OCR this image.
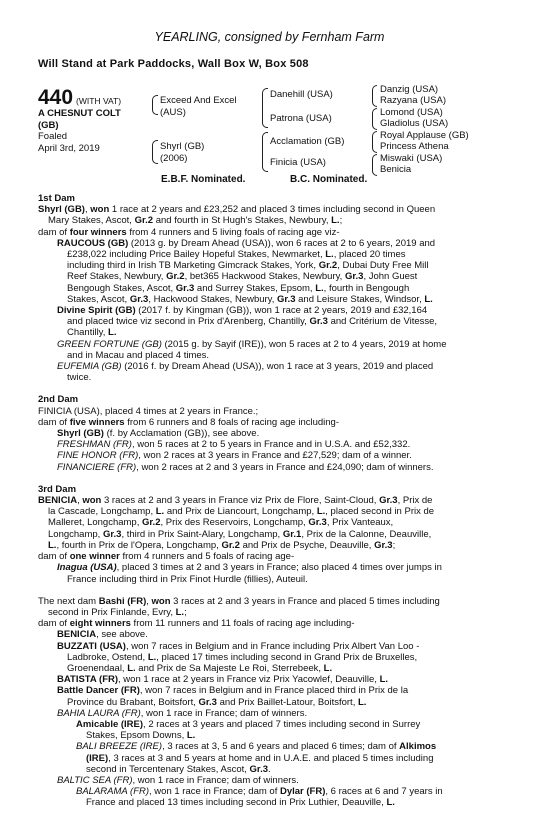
YEARLING, consigned by Fernham Farm
Will Stand at Park Paddocks, Wall Box W, Box 508
440 (WITH VAT)
A CHESNUT COLT
(GB)
Foaled
April 3rd, 2019
Exceed And Excel
(AUS)
Shyrl (GB)
(2006)
Danehill (USA)
Patrona (USA)
Acclamation (GB)
Finicia (USA)
Danzig (USA)
Razyana (USA)
Lomond (USA)
Gladiolus (USA)
Royal Applause (GB)
Princess Athena
Miswaki (USA)
Benicia
E.B.F. Nominated.	B.C. Nominated.

1st Dam

Shyrl (GB), won 1 race at 2 years and £23,252 and placed 3 times including second in Queen
Mary Stakes, Ascot, Gr.2 and fourth in St Hugh's Stakes, Newbury, L.;

dam of four winners from 4 runners and 5 living foals of racing age viz-

RAUCOUS (GB) (2013 g. by Dream Ahead (USA)), won 6 races at 2 to 6 years, 2019 and
£238,022 including Price Bailey Hopeful Stakes, Newmarket, L., placed 20 times
including third in Irish TB Marketing Gimcrack Stakes, York, Gr.2, Dubai Duty Free Mill
Reef Stakes, Newbury, Gr.2, bet365 Hackwood Stakes, Newbury, Gr.3, John Guest
Bengough Stakes, Ascot, Gr.3 and Surrey Stakes, Epsom, L., fourth in Bengough
Stakes, Ascot, Gr.3, Hackwood Stakes, Newbury, Gr.3 and Leisure Stakes, Windsor, L.

Divine Spirit (GB) (2017 f. by Kingman (GB)), won 1 race at 2 years, 2019 and £32,164
and placed twice viz second in Prix d'Arenberg, Chantilly, Gr.3 and Critérium de Vitesse,
Chantilly, L.

GREEN FORTUNE (GB) (2015 g. by Sayif (IRE)), won 5 races at 2 to 4 years, 2019 at home
and in Macau and placed 4 times.

EUFEMIA (GB) (2016 f. by Dream Ahead (USA)), won 1 race at 3 years, 2019 and placed
twice.

2nd Dam

FINICIA (USA), placed 4 times at 2 years in France.;

dam of five winners from 6 runners and 8 foals of racing age including-

Shyrl (GB) (f. by Acclamation (GB)), see above.

FRESHMAN (FR), won 5 races at 2 to 5 years in France and in U.S.A. and £52,332.

FINE HONOR (FR), won 2 races at 3 years in France and £27,529; dam of a winner.

FINANCIERE (FR), won 2 races at 2 and 3 years in France and £24,090; dam of winners.

3rd Dam

BENICIA, won 3 races at 2 and 3 years in France viz Prix de Flore, Saint-Cloud, Gr.3, Prix de
la Cascade, Longchamp, L. and Prix de Liancourt, Longchamp, L., placed second in Prix de
Malleret, Longchamp, Gr.2, Prix des Reservoirs, Longchamp, Gr.3, Prix Vanteaux,
Longchamp, Gr.3, third in Prix Saint-Alary, Longchamp, Gr.1, Prix de la Calonne, Deauville,
L., fourth in Prix de l'Opera, Longchamp, Gr.2 and Prix de Psyche, Deauville, Gr.3;

dam of one winner from 4 runners and 5 foals of racing age-

Inagua (USA), placed 3 times at 2 and 3 years in France; also placed 4 times over jumps in
France including third in Prix Finot Hurdle (fillies), Auteuil.

The next dam Bashi (FR), won 3 races at 2 and 3 years in France and placed 5 times including
second in Prix Finlande, Evry, L.;

dam of eight winners from 11 runners and 11 foals of racing age including-

BENICIA, see above.

BUZZATI (USA), won 7 races in Belgium and in France including Prix Albert Van Loo -
Ladbroke, Ostend, L., placed 17 times including second in Grand Prix de Bruxelles,
Groenendaal, L. and Prix de Sa Majeste Le Roi, Sterrebeek, L.

BATISTA (FR), won 1 race at 2 years in France viz Prix Yacowlef, Deauville, L.

Battle Dancer (FR), won 7 races in Belgium and in France placed third in Prix de la
Province du Brabant, Boitsfort, Gr.3 and Prix Baillet-Latour, Boitsfort, L.

BAHIA LAURA (FR), won 1 race in France; dam of winners.

Amicable (IRE), 2 races at 3 years and placed 7 times including second in Surrey
Stakes, Epsom Downs, L.

BALI BREEZE (IRE), 3 races at 3, 5 and 6 years and placed 6 times; dam of Alkimos
(IRE), 3 races at 3 and 5 years at home and in U.A.E. and placed 5 times including
second in Tercentenary Stakes, Ascot, Gr.3.

BALTIC SEA (FR), won 1 race in France; dam of winners.

BALARAMA (FR), won 1 race in France; dam of Dylar (FR), 6 races at 6 and 7 years in
France and placed 13 times including second in Prix Luthier, Deauville, L.
